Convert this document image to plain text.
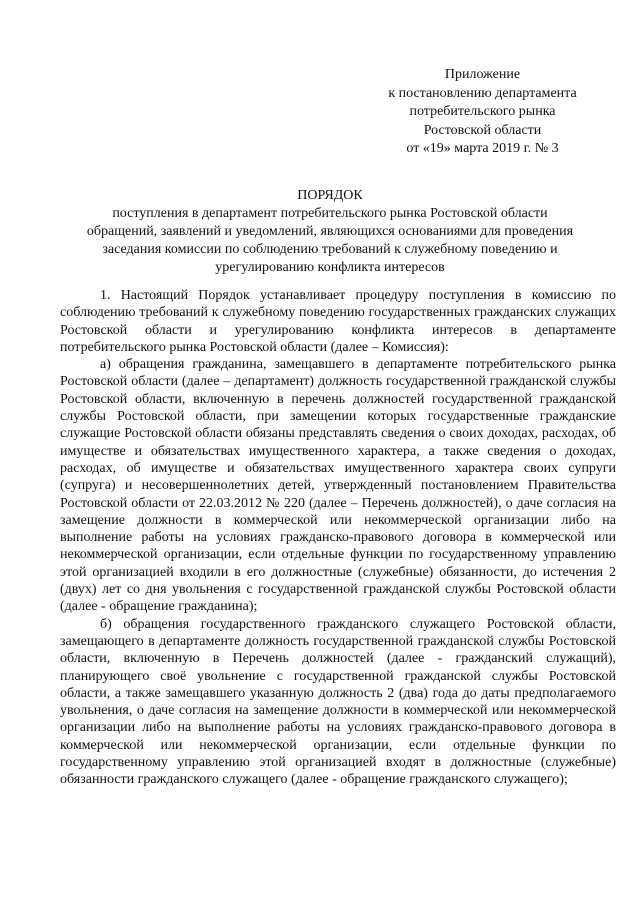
Приложение
к постановлению департамента
потребительского рынка
Ростовской области
от «19» марта 2019 г. № 3
ПОРЯДОК
поступления в департамент потребительского рынка Ростовской области
обращений, заявлений и уведомлений, являющихся основаниями для проведения
заседания комиссии по соблюдению требований к служебному поведению и
урегулированию конфликта интересов

1. Настоящий Порядок устанавливает процедуру поступления в комиссию по соблюдению требований к служебному поведению государственных гражданских служащих Ростовской области и урегулированию конфликта интересов в департаменте потребительского рынка Ростовской области (далее – Комиссия):

а) обращения гражданина, замещавшего в департаменте потребительского рынка Ростовской области (далее – департамент) должность государственной гражданской службы Ростовской области, включенную в перечень должностей государственной гражданской службы Ростовской области, при замещении которых государственные гражданские служащие Ростовской области обязаны представлять сведения о своих доходах, расходах, об имуществе и обязательствах имущественного характера, а также сведения о доходах, расходах, об имуществе и обязательствах имущественного характера своих супруги (супруга) и несовершеннолетних детей, утвержденный постановлением Правительства Ростовской области от 22.03.2012 № 220 (далее – Перечень должностей), о даче согласия на замещение должности в коммерческой или некоммерческой организации либо на выполнение работы на условиях гражданско-правового договора в коммерческой или некоммерческой организации, если отдельные функции по государственному управлению этой организацией входили в его должностные (служебные) обязанности, до истечения 2 (двух) лет со дня увольнения с государственной гражданской службы Ростовской области (далее - обращение гражданина);

б) обращения государственного гражданского служащего Ростовской области, замещающего в департаменте должность государственной гражданской службы Ростовской области, включенную в Перечень должностей (далее - гражданский служащий), планирующего своё увольнение с государственной гражданской службы Ростовской области, а также замещавшего указанную должность 2 (два) года до даты предполагаемого увольнения, о даче согласия на замещение должности в коммерческой или некоммерческой организации либо на выполнение работы на условиях гражданско-правового договора в коммерческой или некоммерческой организации, если отдельные функции по государственному управлению этой организацией входят в должностные (служебные) обязанности гражданского служащего (далее - обращение гражданского служащего);
